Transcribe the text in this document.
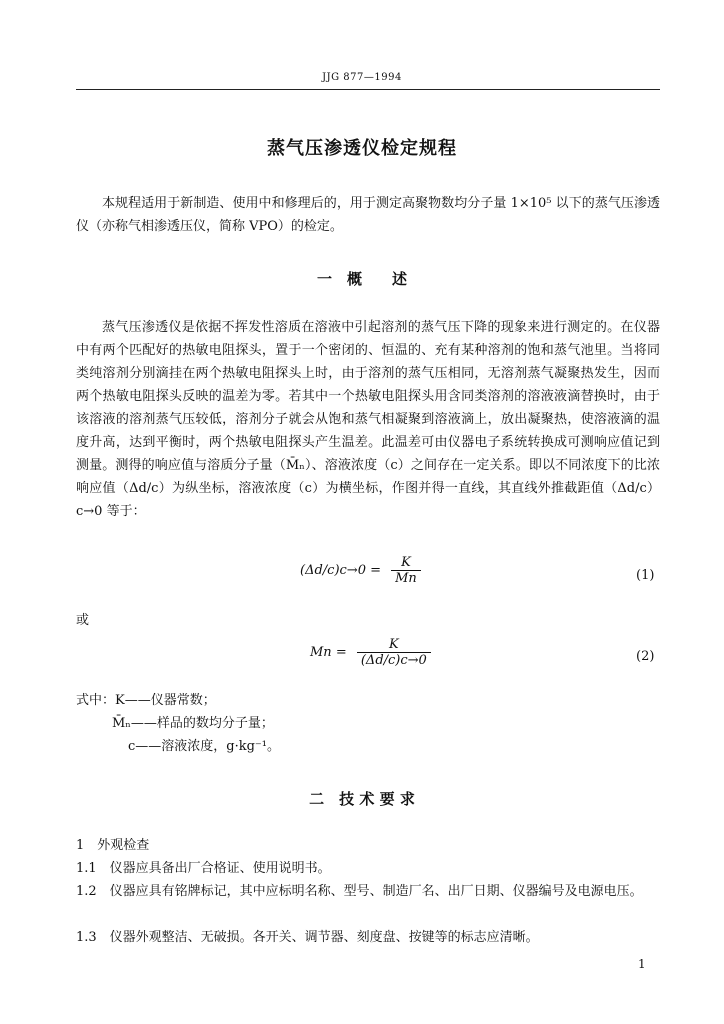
JJG 877—1994
蒸气压渗透仪检定规程
本规程适用于新制造、使用中和修理后的，用于测定高聚物数均分子量 1×10⁵ 以下的蒸气压渗透仪（亦称气相渗透压仪，简称 VPO）的检定。
一　概　　述
蒸气压渗透仪是依据不挥发性溶质在溶液中引起溶剂的蒸气压下降的现象来进行测定的。在仪器中有两个匹配好的热敏电阻探头，置于一个密闭的、恒温的、充有某种溶剂的饱和蒸气池里。当将同类纯溶剂分别滴挂在两个热敏电阻探头上时，由于溶剂的蒸气压相同，无溶剂蒸气凝聚热发生，因而两个热敏电阻探头反映的温差为零。若其中一个热敏电阻探头用含同类溶剂的溶液液滴替换时，由于该溶液的溶剂蒸气压较低，溶剂分子就会从饱和蒸气相凝聚到溶液滴上，放出凝聚热，使溶液滴的温度升高，达到平衡时，两个热敏电阻探头产生温差。此温差可由仪器电子系统转换成可测响应值记到测量。测得的响应值与溶质分子量（M̄ₙ）、溶液浓度（c）之间存在一定关系。即以不同浓度下的比浓响应值（Δd/c）为纵坐标，溶液浓度（c）为横坐标，作图并得一直线，其直线外推截距值（Δd/c）c→0 等于：
$(\Delta d/c)c\to 0 = \frac{K}{Mn}$	(1)
或
$Mn = \frac{K}{(\Delta d/c)c\to 0}$	(2)
式中：K——仪器常数；
M̄ₙ——样品的数均分子量；
c——溶液浓度，g·kg⁻¹。
二　技 术 要 求
1　外观检查
1.1　仪器应具备出厂合格证、使用说明书。
1.2　仪器应具有铭牌标记，其中应标明名称、型号、制造厂名、出厂日期、仪器编号及电源电压。
1.3　仪器外观整洁、无破损。各开关、调节器、刻度盘、按键等的标志应清晰。
1
